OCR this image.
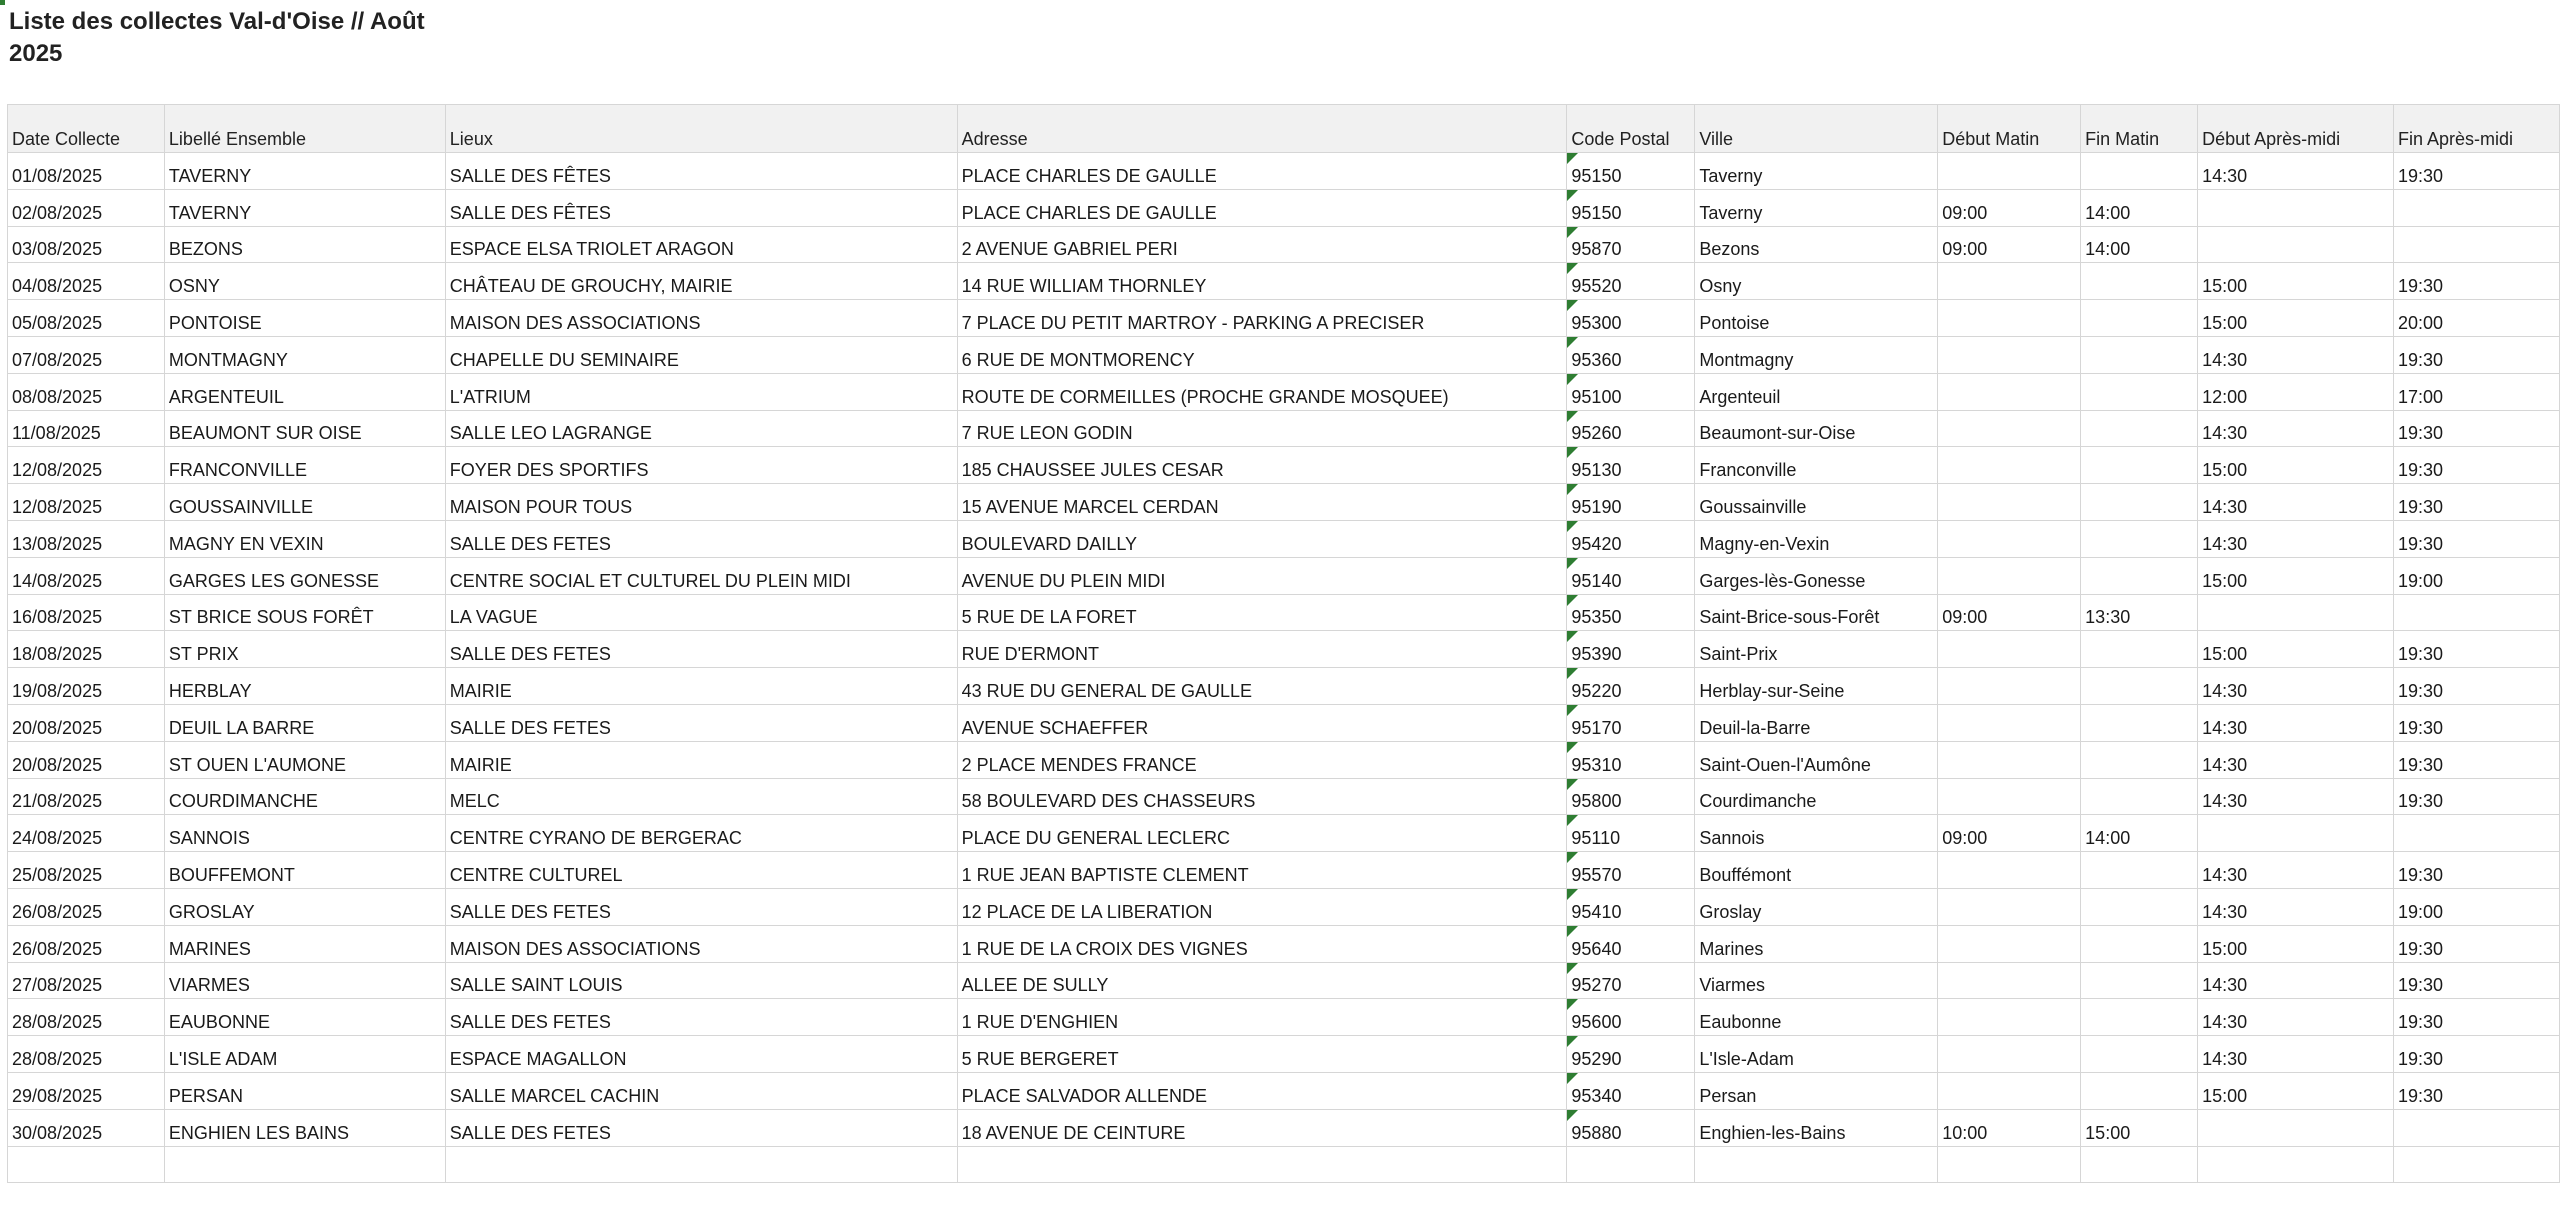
Liste des collectes Val-d'Oise // Août 2025
Date Collecte	Libellé Ensemble	Lieux	Adresse	Code Postal	Ville	Début Matin	Fin Matin	Début Après-midi	Fin Après-midi
01/08/2025	TAVERNY	SALLE DES FÊTES	PLACE CHARLES DE GAULLE	95150	Taverny			14:30	19:30
02/08/2025	TAVERNY	SALLE DES FÊTES	PLACE CHARLES DE GAULLE	95150	Taverny	09:00	14:00		
03/08/2025	BEZONS	ESPACE ELSA TRIOLET ARAGON	2 AVENUE GABRIEL PERI	95870	Bezons	09:00	14:00		
04/08/2025	OSNY	CHÂTEAU DE GROUCHY, MAIRIE	14 RUE WILLIAM THORNLEY	95520	Osny			15:00	19:30
05/08/2025	PONTOISE	MAISON DES ASSOCIATIONS	7 PLACE DU PETIT MARTROY - PARKING A PRECISER	95300	Pontoise			15:00	20:00
07/08/2025	MONTMAGNY	CHAPELLE DU SEMINAIRE	6 RUE DE MONTMORENCY	95360	Montmagny			14:30	19:30
08/08/2025	ARGENTEUIL	L'ATRIUM	ROUTE DE CORMEILLES (PROCHE GRANDE MOSQUEE)	95100	Argenteuil			12:00	17:00
11/08/2025	BEAUMONT SUR OISE	SALLE LEO LAGRANGE	7 RUE LEON GODIN	95260	Beaumont-sur-Oise			14:30	19:30
12/08/2025	FRANCONVILLE	FOYER DES SPORTIFS	185 CHAUSSEE JULES CESAR	95130	Franconville			15:00	19:30
12/08/2025	GOUSSAINVILLE	MAISON POUR TOUS	15 AVENUE MARCEL CERDAN	95190	Goussainville			14:30	19:30
13/08/2025	MAGNY EN VEXIN	SALLE DES FETES	BOULEVARD DAILLY	95420	Magny-en-Vexin			14:30	19:30
14/08/2025	GARGES LES GONESSE	CENTRE SOCIAL ET CULTUREL DU PLEIN MIDI	AVENUE DU PLEIN MIDI	95140	Garges-lès-Gonesse			15:00	19:00
16/08/2025	ST BRICE SOUS FORÊT	LA VAGUE	5 RUE DE LA FORET	95350	Saint-Brice-sous-Forêt	09:00	13:30		
18/08/2025	ST PRIX	SALLE DES FETES	RUE D'ERMONT	95390	Saint-Prix			15:00	19:30
19/08/2025	HERBLAY	MAIRIE	43 RUE DU GENERAL DE GAULLE	95220	Herblay-sur-Seine			14:30	19:30
20/08/2025	DEUIL LA BARRE	SALLE DES FETES	AVENUE SCHAEFFER	95170	Deuil-la-Barre			14:30	19:30
20/08/2025	ST OUEN L'AUMONE	MAIRIE	2 PLACE MENDES FRANCE	95310	Saint-Ouen-l'Aumône			14:30	19:30
21/08/2025	COURDIMANCHE	MELC	58 BOULEVARD DES CHASSEURS	95800	Courdimanche			14:30	19:30
24/08/2025	SANNOIS	CENTRE CYRANO DE BERGERAC	PLACE DU GENERAL LECLERC	95110	Sannois	09:00	14:00		
25/08/2025	BOUFFEMONT	CENTRE CULTUREL	1 RUE JEAN BAPTISTE CLEMENT	95570	Bouffémont			14:30	19:30
26/08/2025	GROSLAY	SALLE DES FETES	12 PLACE DE LA LIBERATION	95410	Groslay			14:30	19:00
26/08/2025	MARINES	MAISON DES ASSOCIATIONS	1 RUE DE LA CROIX DES VIGNES	95640	Marines			15:00	19:30
27/08/2025	VIARMES	SALLE SAINT LOUIS	ALLEE DE SULLY	95270	Viarmes			14:30	19:30
28/08/2025	EAUBONNE	SALLE DES FETES	1 RUE D'ENGHIEN	95600	Eaubonne			14:30	19:30
28/08/2025	L'ISLE ADAM	ESPACE MAGALLON	5 RUE BERGERET	95290	L'Isle-Adam			14:30	19:30
29/08/2025	PERSAN	SALLE MARCEL CACHIN	PLACE SALVADOR ALLENDE	95340	Persan			15:00	19:30
30/08/2025	ENGHIEN LES BAINS	SALLE DES FETES	18 AVENUE DE CEINTURE	95880	Enghien-les-Bains	10:00	15:00		
